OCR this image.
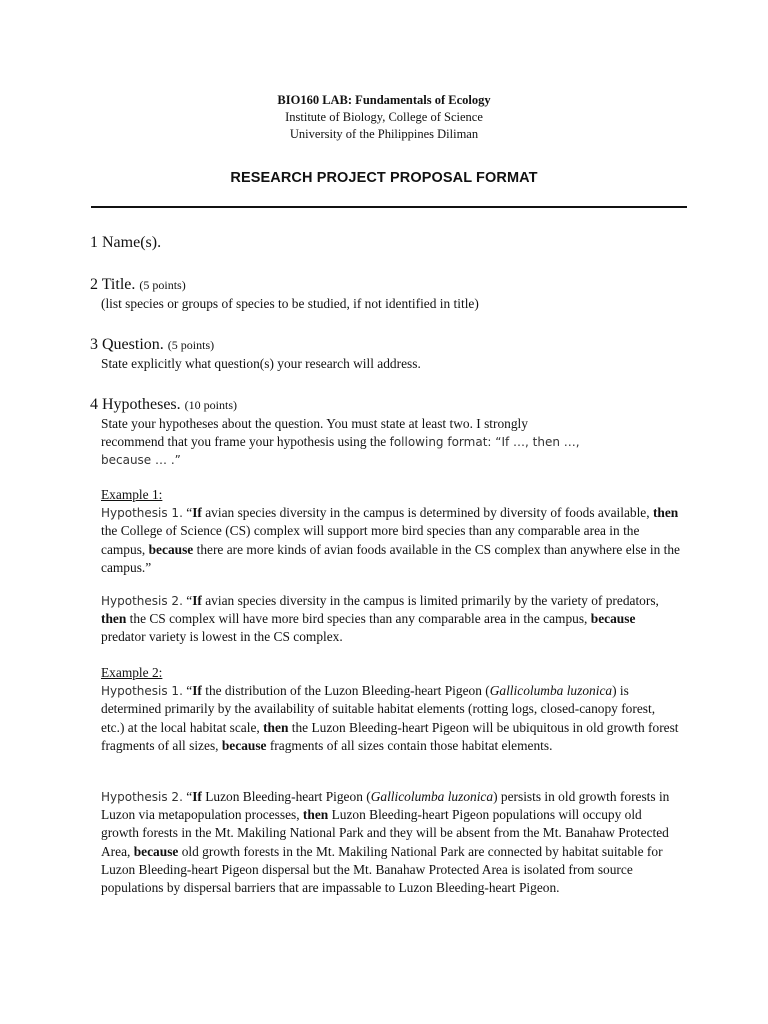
BIO160 LAB: Fundamentals of Ecology
Institute of Biology, College of Science
University of the Philippines Diliman
RESEARCH PROJECT PROPOSAL FORMAT
1 Name(s).
2 Title. (5 points)
(list species or groups of species to be studied, if not identified in title)
3 Question. (5 points)
State explicitly what question(s) your research will address.
4 Hypotheses. (10 points)
State your hypotheses about the question. You must state at least two. I strongly
recommend that you frame your hypothesis using the following format: “If …, then …,
because … .”
Example 1:
Hypothesis 1. “If avian species diversity in the campus is determined by diversity of foods available, then the College of Science (CS) complex will support more bird species than any comparable area in the campus, because there are more kinds of avian foods available in the CS complex than anywhere else in the campus.”
Hypothesis 2. “If avian species diversity in the campus is limited primarily by the variety of predators, then the CS complex will have more bird species than any comparable area in the campus, because predator variety is lowest in the CS complex.
Example 2:
Hypothesis 1. “If the distribution of the Luzon Bleeding-heart Pigeon (Gallicolumba luzonica) is determined primarily by the availability of suitable habitat elements (rotting logs, closed-canopy forest, etc.) at the local habitat scale, then the Luzon Bleeding-heart Pigeon will be ubiquitous in old growth forest fragments of all sizes, because fragments of all sizes contain those habitat elements.
Hypothesis 2. “If Luzon Bleeding-heart Pigeon (Gallicolumba luzonica) persists in old growth forests in Luzon via metapopulation processes, then Luzon Bleeding-heart Pigeon populations will occupy old growth forests in the Mt. Makiling National Park and they will be absent from the Mt. Banahaw Protected Area, because old growth forests in the Mt. Makiling National Park are connected by habitat suitable for Luzon Bleeding-heart Pigeon dispersal but the Mt. Banahaw Protected Area is isolated from source populations by dispersal barriers that are impassable to Luzon Bleeding-heart Pigeon.
